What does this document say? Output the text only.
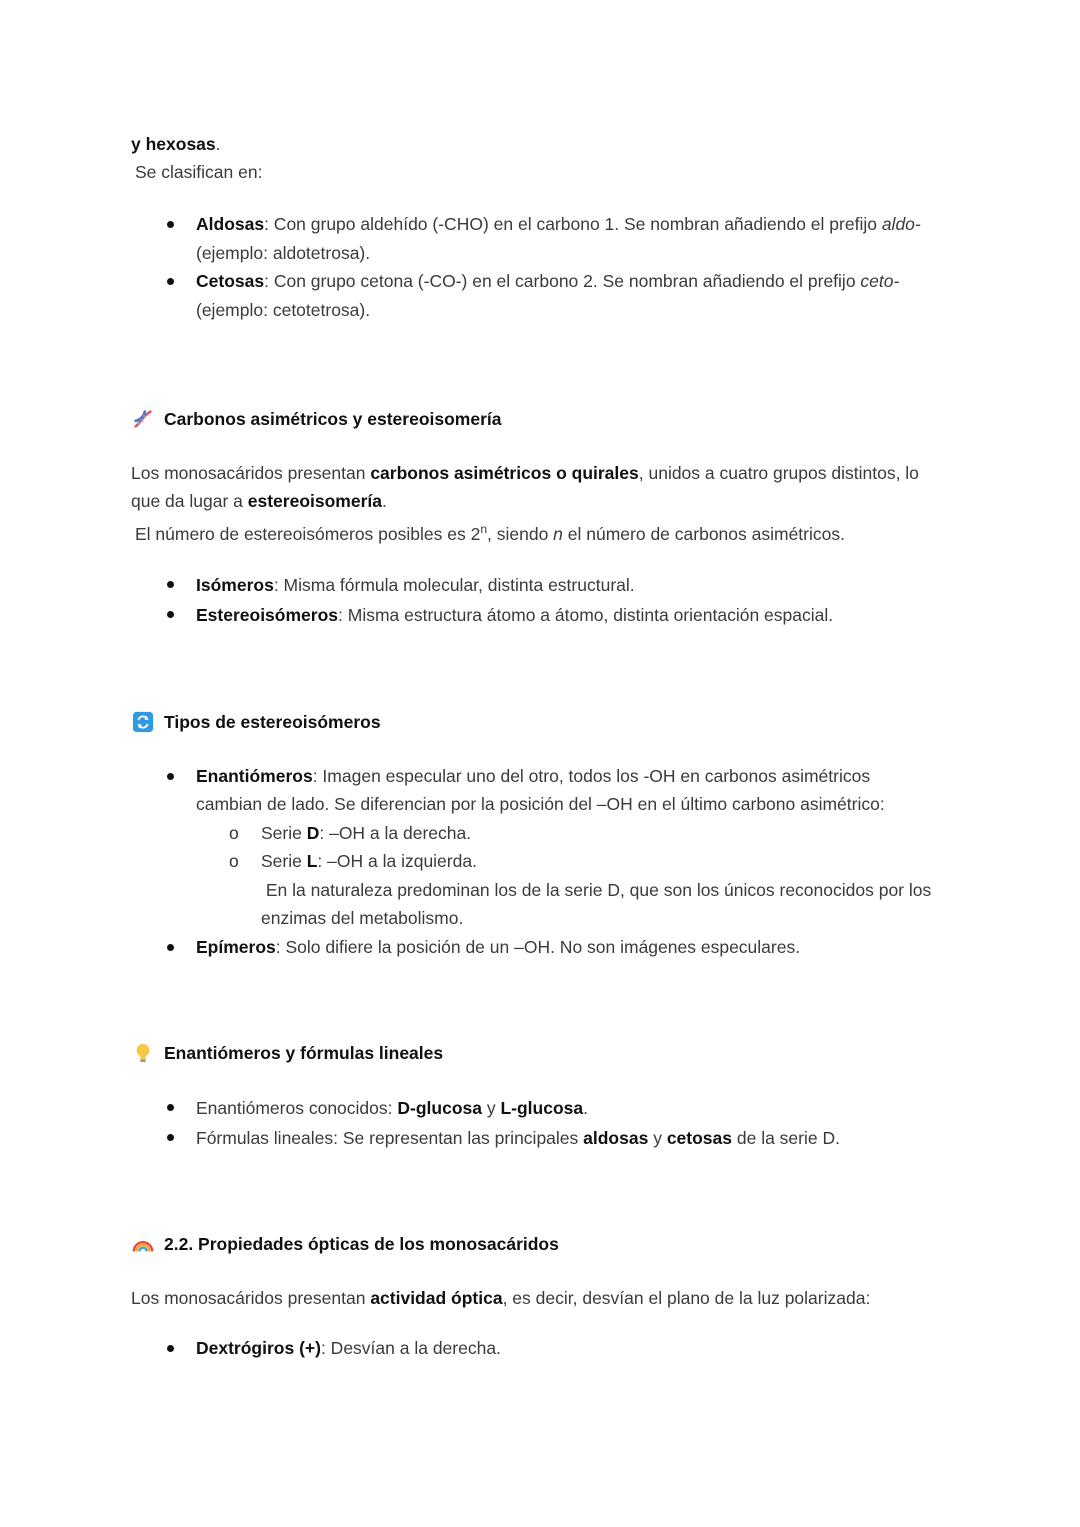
y hexosas.

Se clasifican en:

Aldosas: Con grupo aldehído (-CHO) en el carbono 1. Se nombran añadiendo el prefijo aldo-
(ejemplo: aldotetrosa).
Cetosas: Con grupo cetona (-CO-) en el carbono 2. Se nombran añadiendo el prefijo ceto-
(ejemplo: cetotetrosa).
Carbonos asimétricos y estereoisomería

Los monosacáridos presentan carbonos asimétricos o quirales, unidos a cuatro grupos distintos, lo
que da lugar a estereoisomería.

El número de estereoisómeros posibles es 2$^n$, siendo n el número de carbonos asimétricos.

Isómeros: Misma fórmula molecular, distinta estructural.
Estereoisómeros: Misma estructura átomo a átomo, distinta orientación espacial.
Tipos de estereoisómeros
Enantiómeros: Imagen especular uno del otro, todos los -OH en carbonos asimétricos
cambian de lado. Se diferencian por la posición del –OH en el último carbono asimétrico:
o Serie D: –OH a la derecha.
o Serie L: –OH a la izquierda.
En la naturaleza predominan los de la serie D, que son los únicos reconocidos por los
enzimas del metabolismo.
Epímeros: Solo difiere la posición de un –OH. No son imágenes especulares.
Enantiómeros y fórmulas lineales
Enantiómeros conocidos: D-glucosa y L-glucosa.
Fórmulas lineales: Se representan las principales aldosas y cetosas de la serie D.
2.2. Propiedades ópticas de los monosacáridos

Los monosacáridos presentan actividad óptica, es decir, desvían el plano de la luz polarizada:

Dextrógiros (+): Desvían a la derecha.
